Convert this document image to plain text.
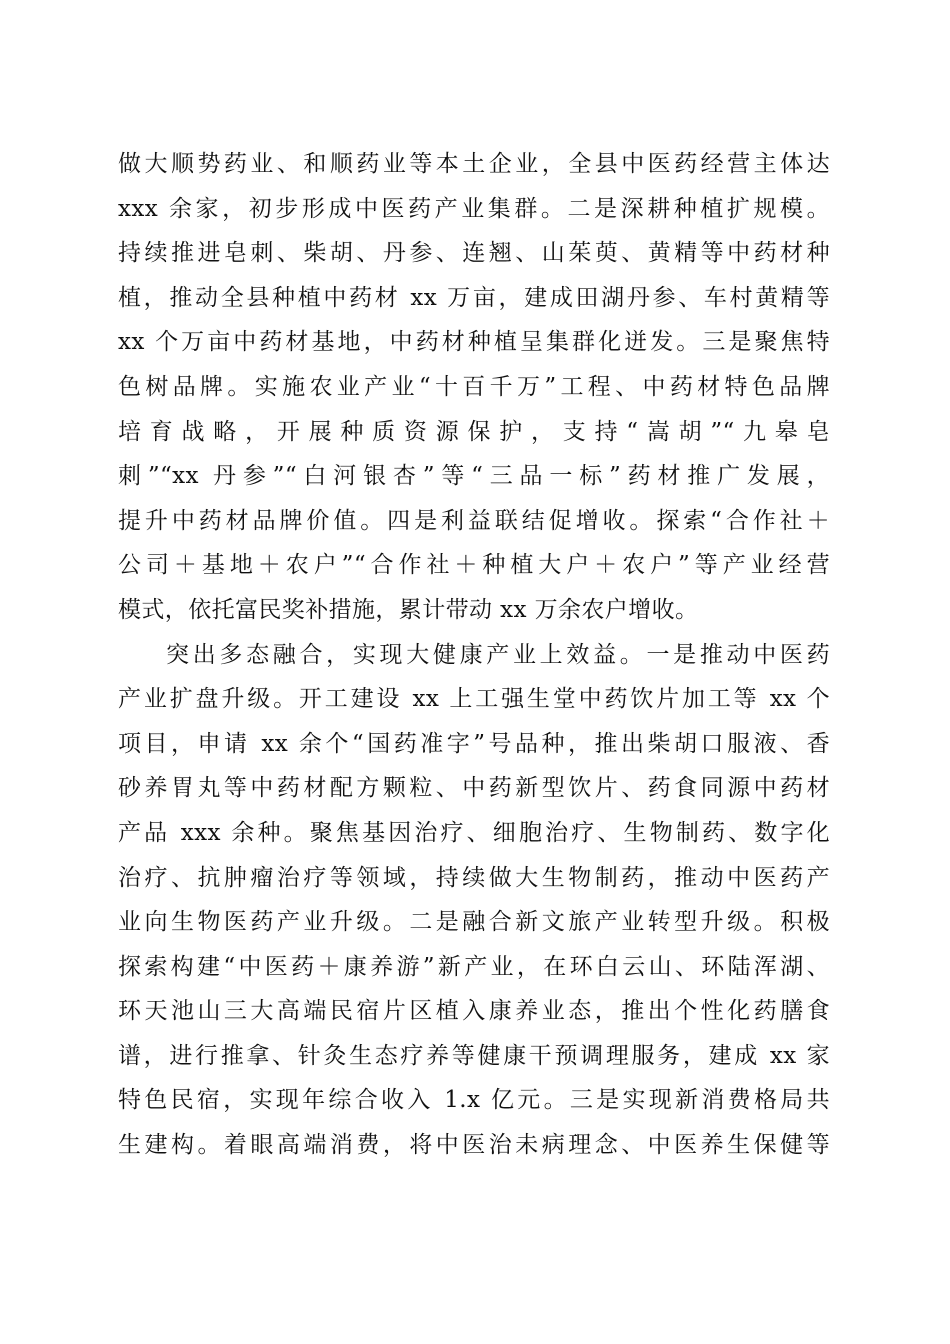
做大顺势药业、和顺药业等本土企业，全县中医药经营主体达
xxx 余家，初步形成中医药产业集群。二是深耕种植扩规模。
持续推进皂刺、柴胡、丹参、连翘、山茱萸、黄精等中药材种
植，推动全县种植中药材 xx 万亩，建成田湖丹参、车村黄精等
xx 个万亩中药材基地，中药材种植呈集群化迸发。三是聚焦特
色树品牌。实施农业产业“十百千万”工程、中药材特色品牌
培育战略，开展种质资源保护，支持“嵩胡”“九皋皂
刺”“xx 丹参”“白河银杏”等“三品一标”药材推广发展，
提升中药材品牌价值。四是利益联结促增收。探索“合作社＋
公司＋基地＋农户”“合作社＋种植大户＋农户”等产业经营
模式，依托富民奖补措施，累计带动 xx 万余农户增收。
突出多态融合，实现大健康产业上效益。一是推动中医药
产业扩盘升级。开工建设 xx 上工强生堂中药饮片加工等 xx 个
项目，申请 xx 余个“国药准字”号品种，推出柴胡口服液、香
砂养胃丸等中药材配方颗粒、中药新型饮片、药食同源中药材
产品 xxx 余种。聚焦基因治疗、细胞治疗、生物制药、数字化
治疗、抗肿瘤治疗等领域，持续做大生物制药，推动中医药产
业向生物医药产业升级。二是融合新文旅产业转型升级。积极
探索构建“中医药＋康养游”新产业，在环白云山、环陆浑湖、
环天池山三大高端民宿片区植入康养业态，推出个性化药膳食
谱，进行推拿、针灸生态疗养等健康干预调理服务，建成 xx 家
特色民宿，实现年综合收入 1.x 亿元。三是实现新消费格局共
生建构。着眼高端消费，将中医治未病理念、中医养生保健等
